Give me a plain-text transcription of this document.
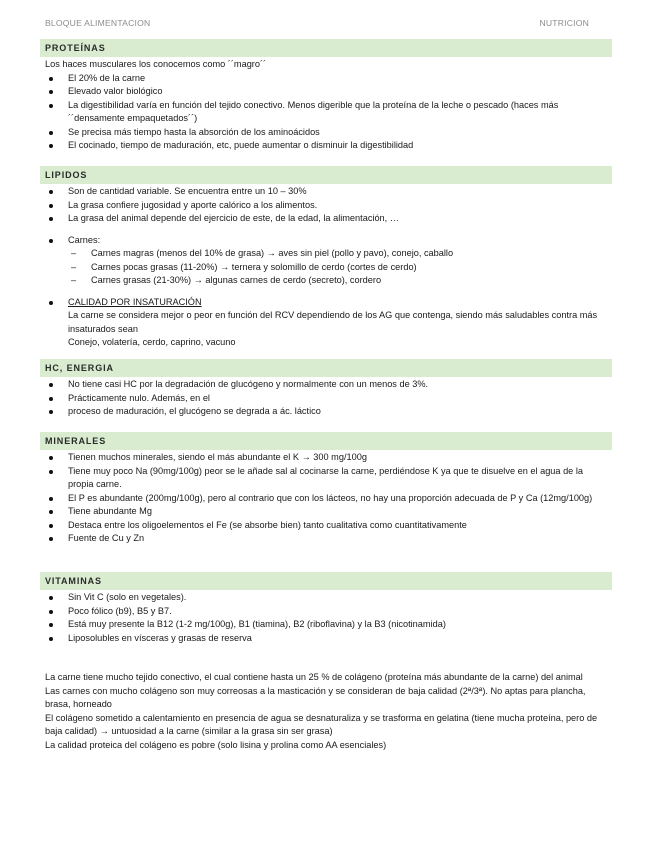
BLOQUE ALIMENTACION	NUTRICION
PROTEÍNAS

Los haces musculares los conocemos como ´´magro´´

El 20% de la carne
Elevado valor biológico
La digestibilidad varía en función del tejido conectivo. Menos digerible que la proteína de la leche o pescado (haces más ´´densamente empaquetados´´)
Se precisa más tiempo hasta la absorción de los aminoácidos
El cocinado, tiempo de maduración, etc, puede aumentar o disminuir la digestibilidad
LIPIDOS
Son de cantidad variable. Se encuentra entre un 10 – 30%
La grasa confiere jugosidad y aporte calórico a los alimentos.
La grasa del animal depende del ejercicio de este, de la edad, la alimentación, …
Carnes:
– Carnes magras (menos del 10% de grasa) → aves sin piel (pollo y pavo), conejo, caballo
– Carnes pocas grasas (11-20%) → ternera y solomillo de cerdo (cortes de cerdo)
– Carnes grasas (21-30%) → algunas carnes de cerdo (secreto), cordero
CALIDAD POR INSATURACIÓN
La carne se considera mejor o peor en función del RCV dependiendo de los AG que contenga, siendo más saludables contra más insaturados sean
Conejo, volatería, cerdo, caprino, vacuno
HC, ENERGIA
No tiene casi HC por la degradación de glucógeno y normalmente con un menos de 3%.
Prácticamente nulo. Además, en el
proceso de maduración, el glucógeno se degrada a ác. láctico
MINERALES
Tienen muchos minerales, siendo el más abundante el K → 300 mg/100g
Tiene muy poco Na (90mg/100g) peor se le añade sal al cocinarse la carne, perdiéndose K ya que te disuelve en el agua de la propia carne.
El P es abundante (200mg/100g), pero al contrario que con los lácteos, no hay una proporción adecuada de P y Ca (12mg/100g)
Tiene abundante Mg
Destaca entre los oligoelementos el Fe (se absorbe bien) tanto cualitativa como cuantitativamente
Fuente de Cu y Zn
VITAMINAS
Sin Vit C (solo en vegetales).
Poco fólico (b9), B5 y B7.
Está muy presente la B12 (1-2 mg/100g), B1 (tiamina), B2 (riboflavina) y la B3 (nicotinamida)
Liposolubles en vísceras y grasas de reserva

La carne tiene mucho tejido conectivo, el cual contiene hasta un 25 % de colágeno (proteína más abundante de la carne) del animal

Las carnes con mucho colágeno son muy correosas a la masticación y se consideran de baja calidad (2ª/3ª). No aptas para plancha, brasa, horneado

El colágeno sometido a calentamiento en presencia de agua se desnaturaliza y se trasforma en gelatina (tiene mucha proteína, pero de baja calidad) → untuosidad a la carne (similar a la grasa sin ser grasa)

La calidad proteica del colágeno es pobre (solo lisina y prolina como AA esenciales)
